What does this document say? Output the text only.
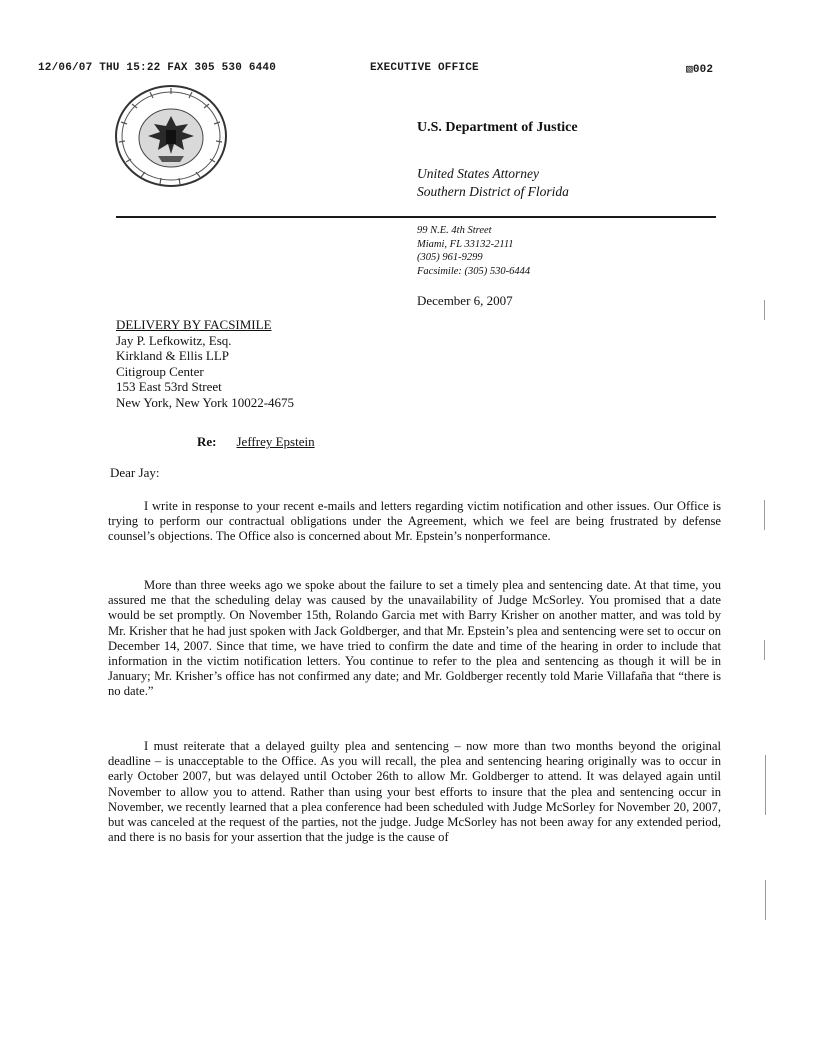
12/06/07 THU 15:22 FAX 305 530 6440	EXECUTIVE OFFICE	▧002
U.S. Department of Justice
United States Attorney
Southern District of Florida
99 N.E. 4th Street
Miami, FL 33132-2111
(305) 961-9299
Facsimile: (305) 530-6444
December 6, 2007
DELIVERY BY FACSIMILE
Jay P. Lefkowitz, Esq.
Kirkland & Ellis LLP
Citigroup Center
153 East 53rd Street
New York, New York 10022-4675
Re: Jeffrey Epstein
Dear Jay:

I write in response to your recent e-mails and letters regarding victim notification and other issues. Our Office is trying to perform our contractual obligations under the Agreement, which we feel are being frustrated by defense counsel’s objections. The Office also is concerned about Mr. Epstein’s nonperformance.

More than three weeks ago we spoke about the failure to set a timely plea and sentencing date. At that time, you assured me that the scheduling delay was caused by the unavailability of Judge McSorley. You promised that a date would be set promptly. On November 15th, Rolando Garcia met with Barry Krisher on another matter, and was told by Mr. Krisher that he had just spoken with Jack Goldberger, and that Mr. Epstein’s plea and sentencing were set to occur on December 14, 2007. Since that time, we have tried to confirm the date and time of the hearing in order to include that information in the victim notification letters. You continue to refer to the plea and sentencing as though it will be in January; Mr. Krisher’s office has not confirmed any date; and Mr. Goldberger recently told Marie Villafaña that “there is no date.”

I must reiterate that a delayed guilty plea and sentencing – now more than two months beyond the original deadline – is unacceptable to the Office. As you will recall, the plea and sentencing hearing originally was to occur in early October 2007, but was delayed until October 26th to allow Mr. Goldberger to attend. It was delayed again until November to allow you to attend. Rather than using your best efforts to insure that the plea and sentencing occur in November, we recently learned that a plea conference had been scheduled with Judge McSorley for November 20, 2007, but was canceled at the request of the parties, not the judge. Judge McSorley has not been away for any extended period, and there is no basis for your assertion that the judge is the cause of
